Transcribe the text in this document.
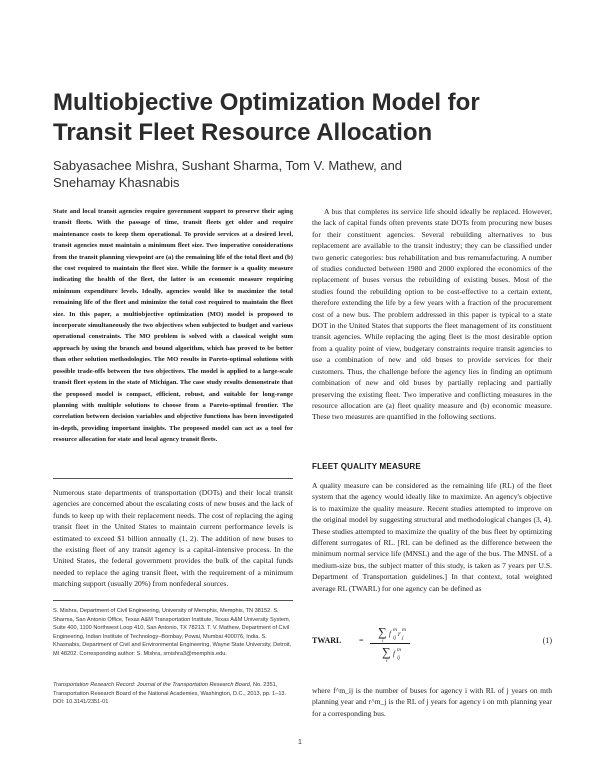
Multiobjective Optimization Model for Transit Fleet Resource Allocation

Sabyasachee Mishra, Sushant Sharma, Tom V. Mathew, and Snehamay Khasnabis

State and local transit agencies require government support to preserve their aging transit fleets. With the passage of time, transit fleets get older and require maintenance costs to keep them operational. To provide services at a desired level, transit agencies must maintain a minimum fleet size. Two imperative considerations from the transit planning viewpoint are (a) the remaining life of the total fleet and (b) the cost required to maintain the fleet size. While the former is a quality measure indicating the health of the fleet, the latter is an economic measure requiring minimum expenditure levels. Ideally, agencies would like to maximize the total remaining life of the fleet and minimize the total cost required to maintain the fleet size. In this paper, a multiobjective optimization (MO) model is proposed to incorporate simultaneously the two objectives when subjected to budget and various operational constraints. The MO problem is solved with a classical weight sum approach by using the branch and bound algorithm, which has proved to be better than other solution methodologies. The MO results in Pareto-optimal solutions with possible trade-offs between the two objectives. The model is applied to a large-scale transit fleet system in the state of Michigan. The case study results demonstrate that the proposed model is compact, efficient, robust, and suitable for long-range planning with multiple solutions to choose from a Pareto-optimal frontier. The correlation between decision variables and objective functions has been investigated in-depth, providing important insights. The proposed model can act as a tool for resource allocation for state and local agency transit fleets.

Numerous state departments of transportation (DOTs) and their local transit agencies are concerned about the escalating costs of new buses and the lack of funds to keep up with their replacement needs. The cost of replacing the aging transit fleet in the United States to maintain current performance levels is estimated to exceed $1 billion annually (1, 2). The addition of new buses to the existing fleet of any transit agency is a capital-intensive process. In the United States, the federal government provides the bulk of the capital funds needed to replace the aging transit fleet, with the requirement of a minimum matching support (usually 20%) from nonfederal sources.

S. Mishra, Department of Civil Engineering, University of Memphis, Memphis, TN 38152. S. Sharma, San Antonio Office, Texas A&M Transportation Institute, Texas A&M University System, Suite 400, 1100 Northwest Loop 410, San Antonio, TX 78213. T. V. Mathew, Department of Civil Engineering, Indian Institute of Technology–Bombay, Powai, Mumbai 400076, India. S. Khasnabis, Department of Civil and Environmental Engineering, Wayne State University, Detroit, MI 48202. Corresponding author: S. Mishra, smishra3@memphis.edu.

Transportation Research Record: Journal of the Transportation Research Board, No. 2351, Transportation Research Board of the National Academies, Washington, D.C., 2013, pp. 1–13.
DOI: 10.3141/2351-01

A bus that completes its service life should ideally be replaced. However, the lack of capital funds often prevents state DOTs from procuring new buses for their constituent agencies. Several rebuilding alternatives to bus replacement are available to the transit industry; they can be classified under two generic categories: bus rehabilitation and bus remanufacturing. A number of studies conducted between 1980 and 2000 explored the economics of the replacement of buses versus the rebuilding of existing buses. Most of the studies found the rebuilding option to be cost-effective to a certain extent, therefore extending the life by a few years with a fraction of the procurement cost of a new bus. The problem addressed in this paper is typical to a state DOT in the United States that supports the fleet management of its constituent transit agencies. While replacing the aging fleet is the most desirable option from a quality point of view, budgetary constraints require transit agencies to use a combination of new and old buses to provide services for their customers. Thus, the challenge before the agency lies in finding an optimum combination of new and old buses by partially replacing and partially preserving the existing fleet. Two imperative and conflicting measures in the resource allocation are (a) fleet quality measure and (b) economic measure. These two measures are quantified in the following sections.

FLEET QUALITY MEASURE

A quality measure can be considered as the remaining life (RL) of the fleet system that the agency would ideally like to maximize. An agency's objective is to maximize the quality measure. Recent studies attempted to improve on the original model by suggesting structural and methodological changes (3, 4). These studies attempted to maximize the quality of the bus fleet by optimizing different surrogates of RL. [RL can be defined as the difference between the minimum normal service life (MNSL) and the age of the bus. The MNSL of a medium-size bus, the subject matter of this study, is taken as 7 years per U.S. Department of Transportation guidelines.] In that context, total weighted average RL (TWARL) for one agency can be defined as

TWARL =
∑
i
f m
ij r m
j
∑
i
f m
ij
(1)

where f^m_ij is the number of buses for agency i with RL of j years on mth planning year and r^m_j is the RL of j years for agency i on mth planning year for a corresponding bus.

1
